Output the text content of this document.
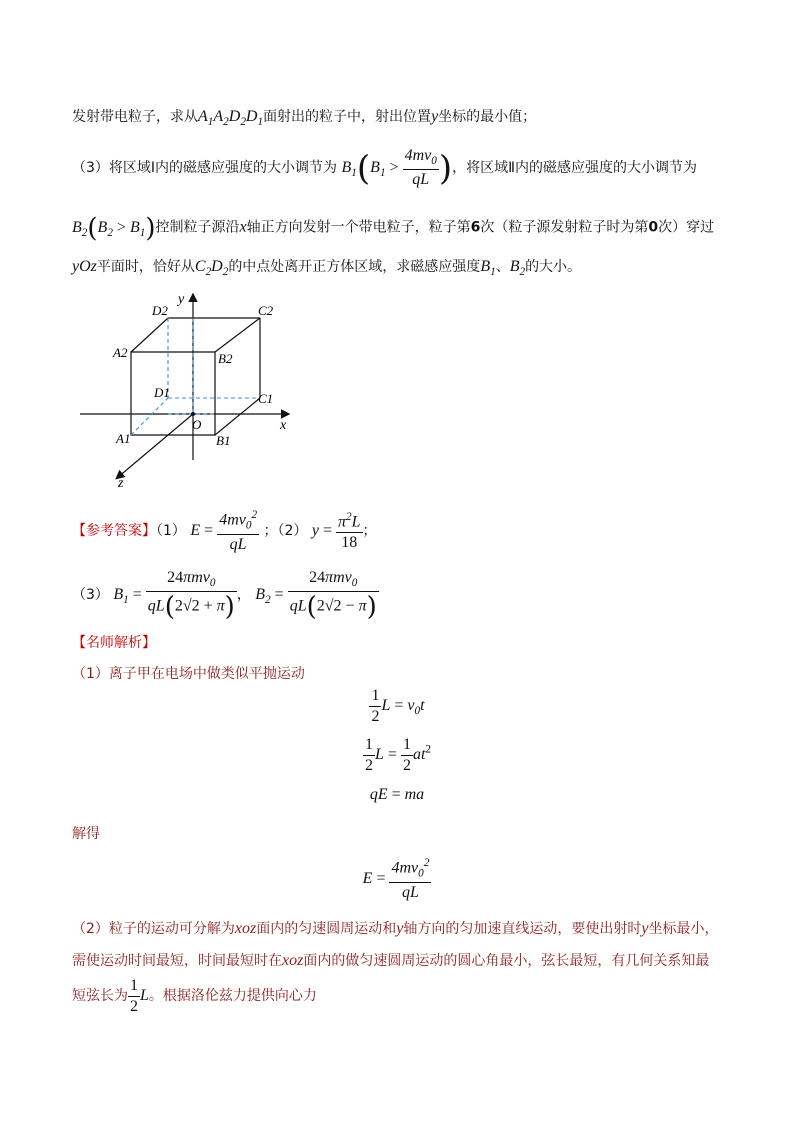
发射带电粒子，求从$A_1A_2D_2D_1$面射出的粒子中，射出位置y坐标的最小值；
（3）将区域Ⅰ内的磁感应强度的大小调节为 $B_1(B_1 > \frac{4mv_0}{qL}$ )，将区域Ⅱ内的磁感应强度的大小调节为
$B_2(B_2 > B_1)$控制粒子源沿x轴正方向发射一个带电粒子，粒子第6次（粒子源发射粒子时为第0次）穿过
yOz平面时，恰好从$C_2D_2$的中点处离开正方体区域，求磁感应强度$B_1$、$B_2$的大小。
y
D2	C2
A2	B2
D1	C1
O	x
A1	B1
z
【参考答案】（1） $E = \frac{4mv_0^2}{qL}$ ；（2） $y = \frac{\pi^2L}{18}$ ；
（3） $B_1 = \frac{24\pi mv_0}{qL(2√2 + \pi)}$ ， $B_2 = \frac{24\pi mv_0}{qL(2√2 - \pi)}$
【名师解析】
（1）离子甲在电场中做类似平抛运动
$\frac{1}{2}$ $L = v_0t$
$\frac{1}{2}$ $L = \frac{1}{2} at^2$
qE = ma
解得
$E = \frac{4mv_0^2}{qL}$
（2）粒子的运动可分解为xoz面内的匀速圆周运动和y轴方向的匀加速直线运动，要使出射时y坐标最小，
需使运动时间最短，时间最短时在xoz面内的做匀速圆周运动的圆心角最小，弦长最短，有几何关系知最
短弦长为 $\frac{1}{2}$ L。根据洛伦兹力提供向心力
